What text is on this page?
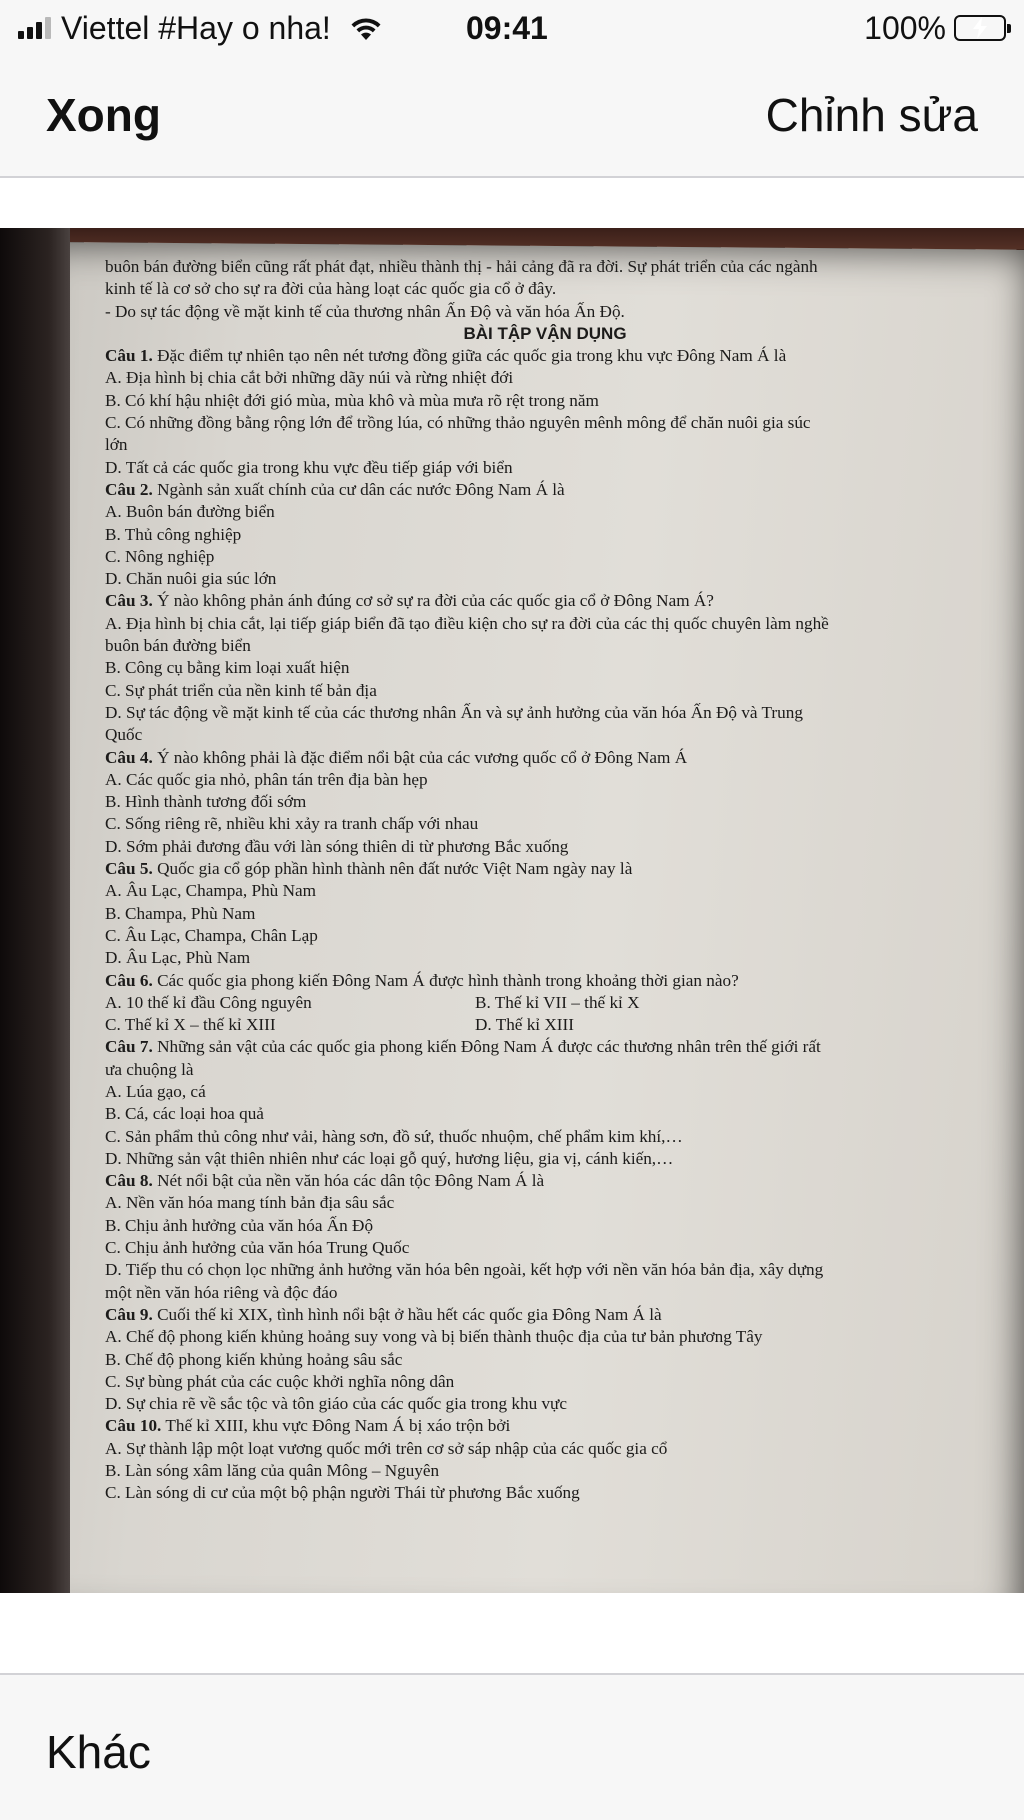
Viettel #Hay o nha!	09:41	100%
Xong	Chỉnh sửa

buôn bán đường biển cũng rất phát đạt, nhiều thành thị - hải cảng đã ra đời. Sự phát triển của các ngành

kinh tế là cơ sở cho sự ra đời của hàng loạt các quốc gia cổ ở đây.

- Do sự tác động về mặt kinh tế của thương nhân Ấn Độ và văn hóa Ấn Độ.

BÀI TẬP VẬN DỤNG

Câu 1. Đặc điểm tự nhiên tạo nên nét tương đồng giữa các quốc gia trong khu vực Đông Nam Á là

A. Địa hình bị chia cắt bởi những dãy núi và rừng nhiệt đới

B. Có khí hậu nhiệt đới gió mùa, mùa khô và mùa mưa rõ rệt trong năm

C. Có những đồng bằng rộng lớn để trồng lúa, có những thảo nguyên mênh mông để chăn nuôi gia súc

lớn

D. Tất cả các quốc gia trong khu vực đều tiếp giáp với biển

Câu 2. Ngành sản xuất chính của cư dân các nước Đông Nam Á là

A. Buôn bán đường biển

B. Thủ công nghiệp

C. Nông nghiệp

D. Chăn nuôi gia súc lớn

Câu 3. Ý nào không phản ánh đúng cơ sở sự ra đời của các quốc gia cổ ở Đông Nam Á?

A. Địa hình bị chia cắt, lại tiếp giáp biển đã tạo điều kiện cho sự ra đời của các thị quốc chuyên làm nghề

buôn bán đường biển

B. Công cụ bằng kim loại xuất hiện

C. Sự phát triển của nền kinh tế bản địa

D. Sự tác động về mặt kinh tế của các thương nhân Ấn và sự ảnh hưởng của văn hóa Ấn Độ và Trung

Quốc

Câu 4. Ý nào không phải là đặc điểm nổi bật của các vương quốc cổ ở Đông Nam Á

A. Các quốc gia nhỏ, phân tán trên địa bàn hẹp

B. Hình thành tương đối sớm

C. Sống riêng rẽ, nhiều khi xảy ra tranh chấp với nhau

D. Sớm phải đương đầu với làn sóng thiên di từ phương Bắc xuống

Câu 5. Quốc gia cổ góp phần hình thành nên đất nước Việt Nam ngày nay là

A. Âu Lạc, Champa, Phù Nam

B. Champa, Phù Nam

C. Âu Lạc, Champa, Chân Lạp

D. Âu Lạc, Phù Nam

Câu 6. Các quốc gia phong kiến Đông Nam Á được hình thành trong khoảng thời gian nào?

A. 10 thế kỉ đầu Công nguyên	B. Thế kỉ VII – thế kỉ X
C. Thế kỉ X – thế kỉ XIII	D. Thế kỉ XIII

Câu 7. Những sản vật của các quốc gia phong kiến Đông Nam Á được các thương nhân trên thế giới rất

ưa chuộng là

A. Lúa gạo, cá

B. Cá, các loại hoa quả

C. Sản phẩm thủ công như vải, hàng sơn, đồ sứ, thuốc nhuộm, chế phẩm kim khí,…

D. Những sản vật thiên nhiên như các loại gỗ quý, hương liệu, gia vị, cánh kiến,…

Câu 8. Nét nổi bật của nền văn hóa các dân tộc Đông Nam Á là

A. Nền văn hóa mang tính bản địa sâu sắc

B. Chịu ảnh hưởng của văn hóa Ấn Độ

C. Chịu ảnh hưởng của văn hóa Trung Quốc

D. Tiếp thu có chọn lọc những ảnh hưởng văn hóa bên ngoài, kết hợp với nền văn hóa bản địa, xây dựng

một nền văn hóa riêng và độc đáo

Câu 9. Cuối thế kỉ XIX, tình hình nổi bật ở hầu hết các quốc gia Đông Nam Á là

A. Chế độ phong kiến khủng hoảng suy vong và bị biến thành thuộc địa của tư bản phương Tây

B. Chế độ phong kiến khủng hoảng sâu sắc

C. Sự bùng phát của các cuộc khởi nghĩa nông dân

D. Sự chia rẽ về sắc tộc và tôn giáo của các quốc gia trong khu vực

Câu 10. Thế kỉ XIII, khu vực Đông Nam Á bị xáo trộn bởi

A. Sự thành lập một loạt vương quốc mới trên cơ sở sáp nhập của các quốc gia cổ

B. Làn sóng xâm lăng của quân Mông – Nguyên

C. Làn sóng di cư của một bộ phận người Thái từ phương Bắc xuống

Khác
